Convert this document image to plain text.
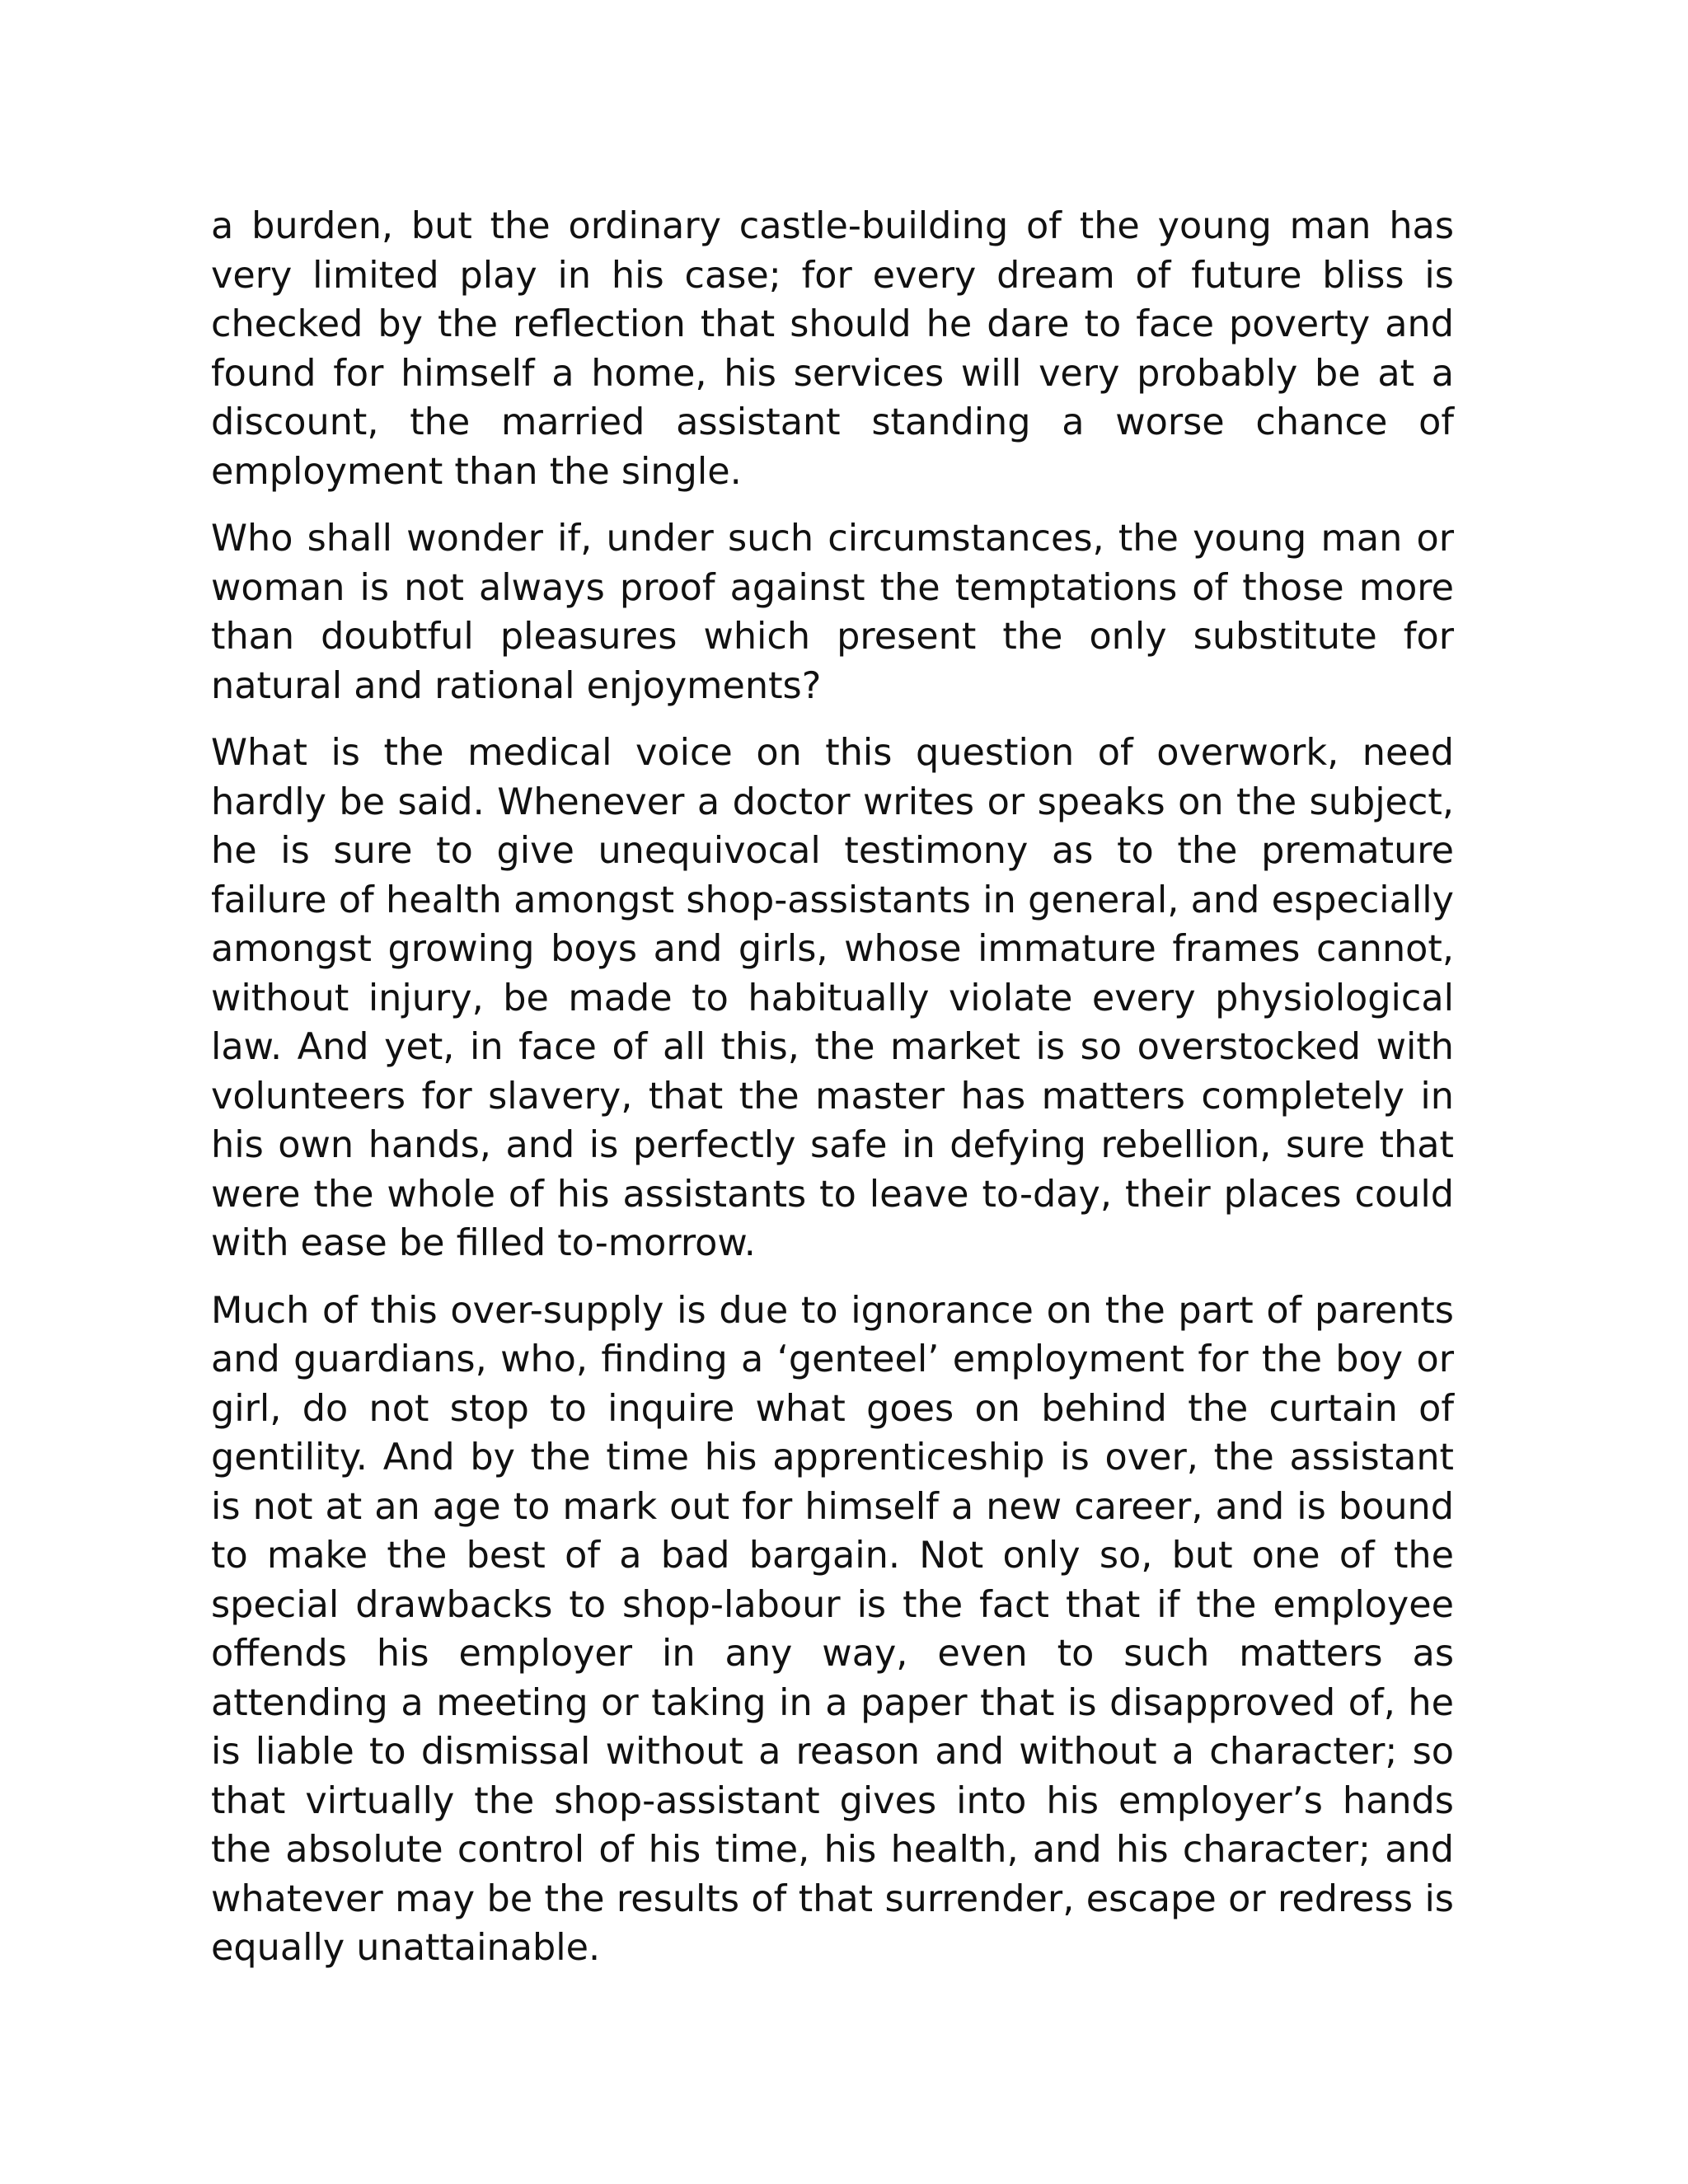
a burden, but the ordinary castle-building of the young man has very limited play in his case; for every dream of future bliss is checked by the reflection that should he dare to face poverty and found for himself a home, his services will very probably be at a discount, the married assistant standing a worse chance of employment than the single.

Who shall wonder if, under such circumstances, the young man or woman is not always proof against the temptations of those more than doubtful pleasures which present the only substitute for natural and rational enjoyments?

What is the medical voice on this question of overwork, need hardly be said. Whenever a doctor writes or speaks on the subject, he is sure to give unequivocal testimony as to the premature failure of health amongst shop-assistants in general, and especially amongst growing boys and girls, whose immature frames cannot, without injury, be made to habitually violate every physiological law. And yet, in face of all this, the market is so overstocked with volunteers for slavery, that the master has matters completely in his own hands, and is perfectly safe in defying rebellion, sure that were the whole of his assistants to leave to-day, their places could with ease be filled to-morrow.

Much of this over-supply is due to ignorance on the part of parents and guardians, who, finding a ‘genteel’ employment for the boy or girl, do not stop to inquire what goes on behind the curtain of gentility. And by the time his apprenticeship is over, the assistant is not at an age to mark out for himself a new career, and is bound to make the best of a bad bargain. Not only so, but one of the special drawbacks to shop-labour is the fact that if the employee offends his employer in any way, even to such matters as attending a meeting or taking in a paper that is disapproved of, he is liable to dismissal without a reason and without a character; so that virtually the shop-assistant gives into his employer’s hands the absolute control of his time, his health, and his character; and whatever may be the results of that surrender, escape or redress is equally unattainable.
